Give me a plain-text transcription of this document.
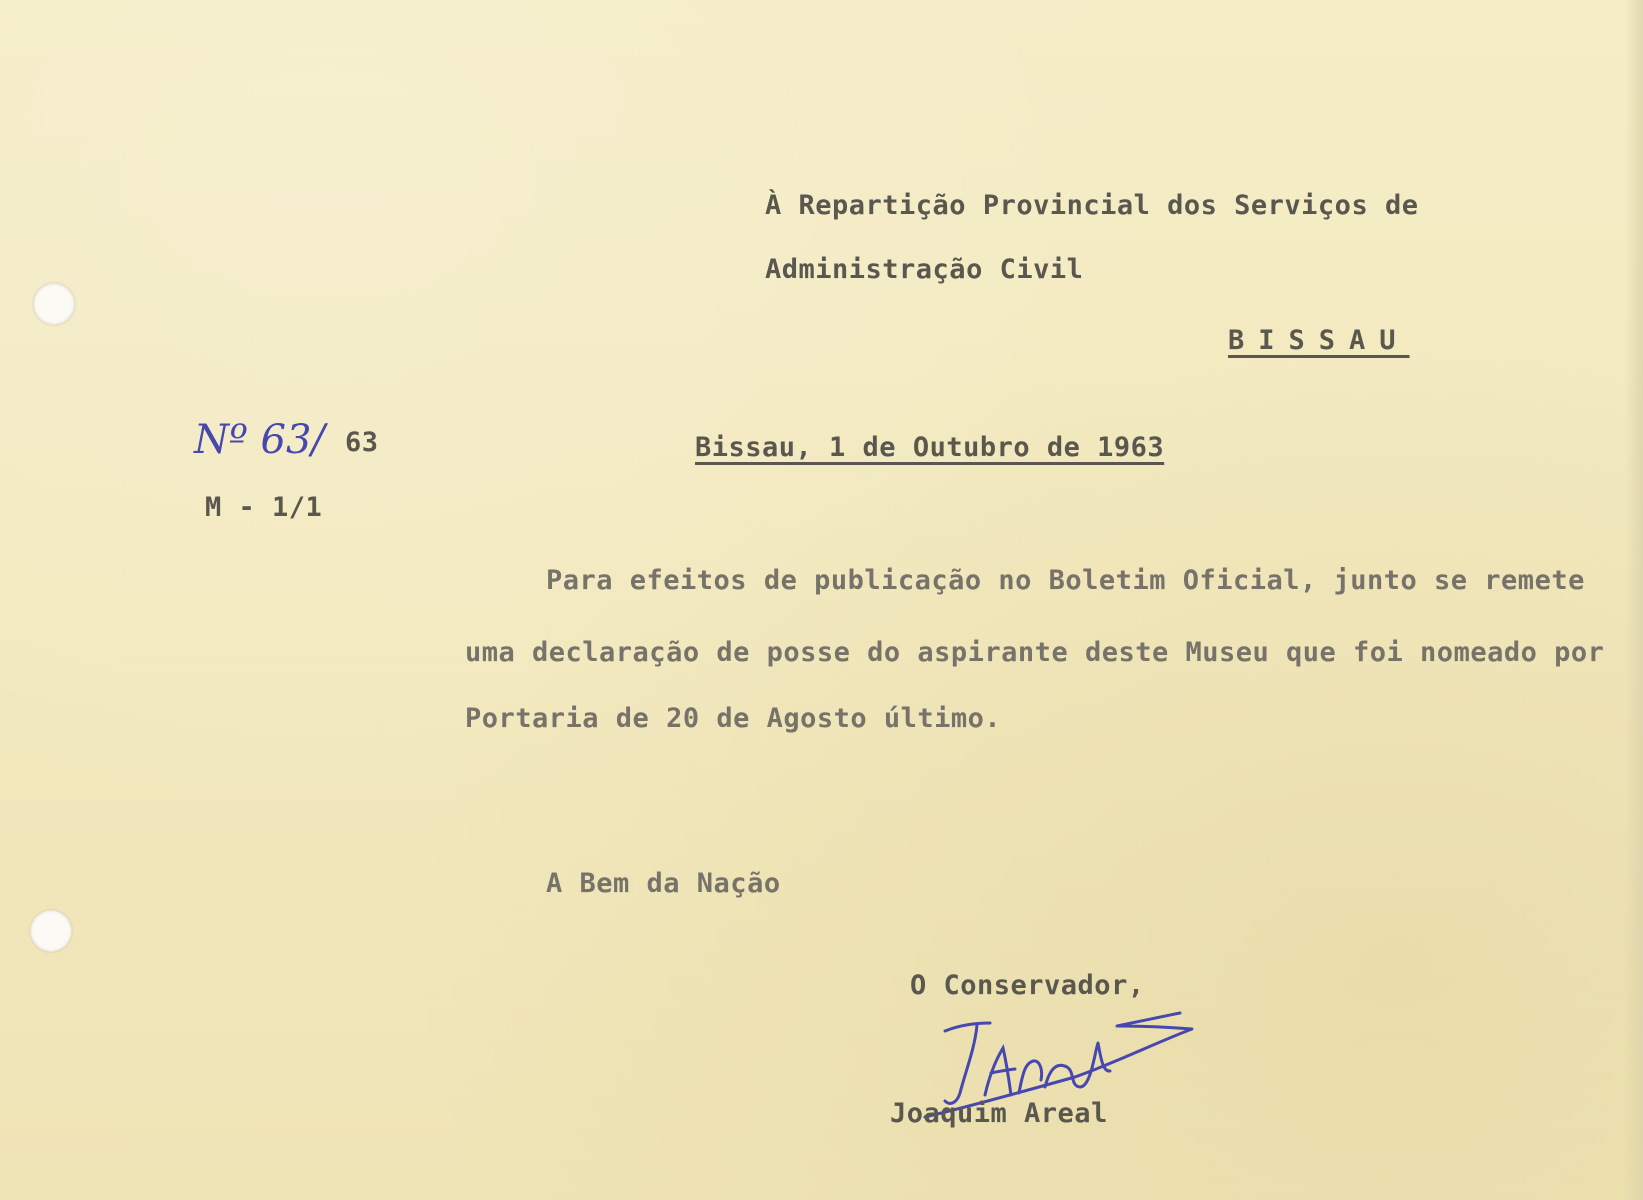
À Repartição Provincial dos Serviços de
Administração Civil
BISSAU
Nº 63/ 63
M - 1/1
Bissau, 1 de Outubro de 1963
Para efeitos de publicação no Boletim Oficial, junto se remete
uma declaração de posse do aspirante deste Museu que foi nomeado por
Portaria de 20 de Agosto último.
A Bem da Nação
O Conservador,
Joaquim Areal
